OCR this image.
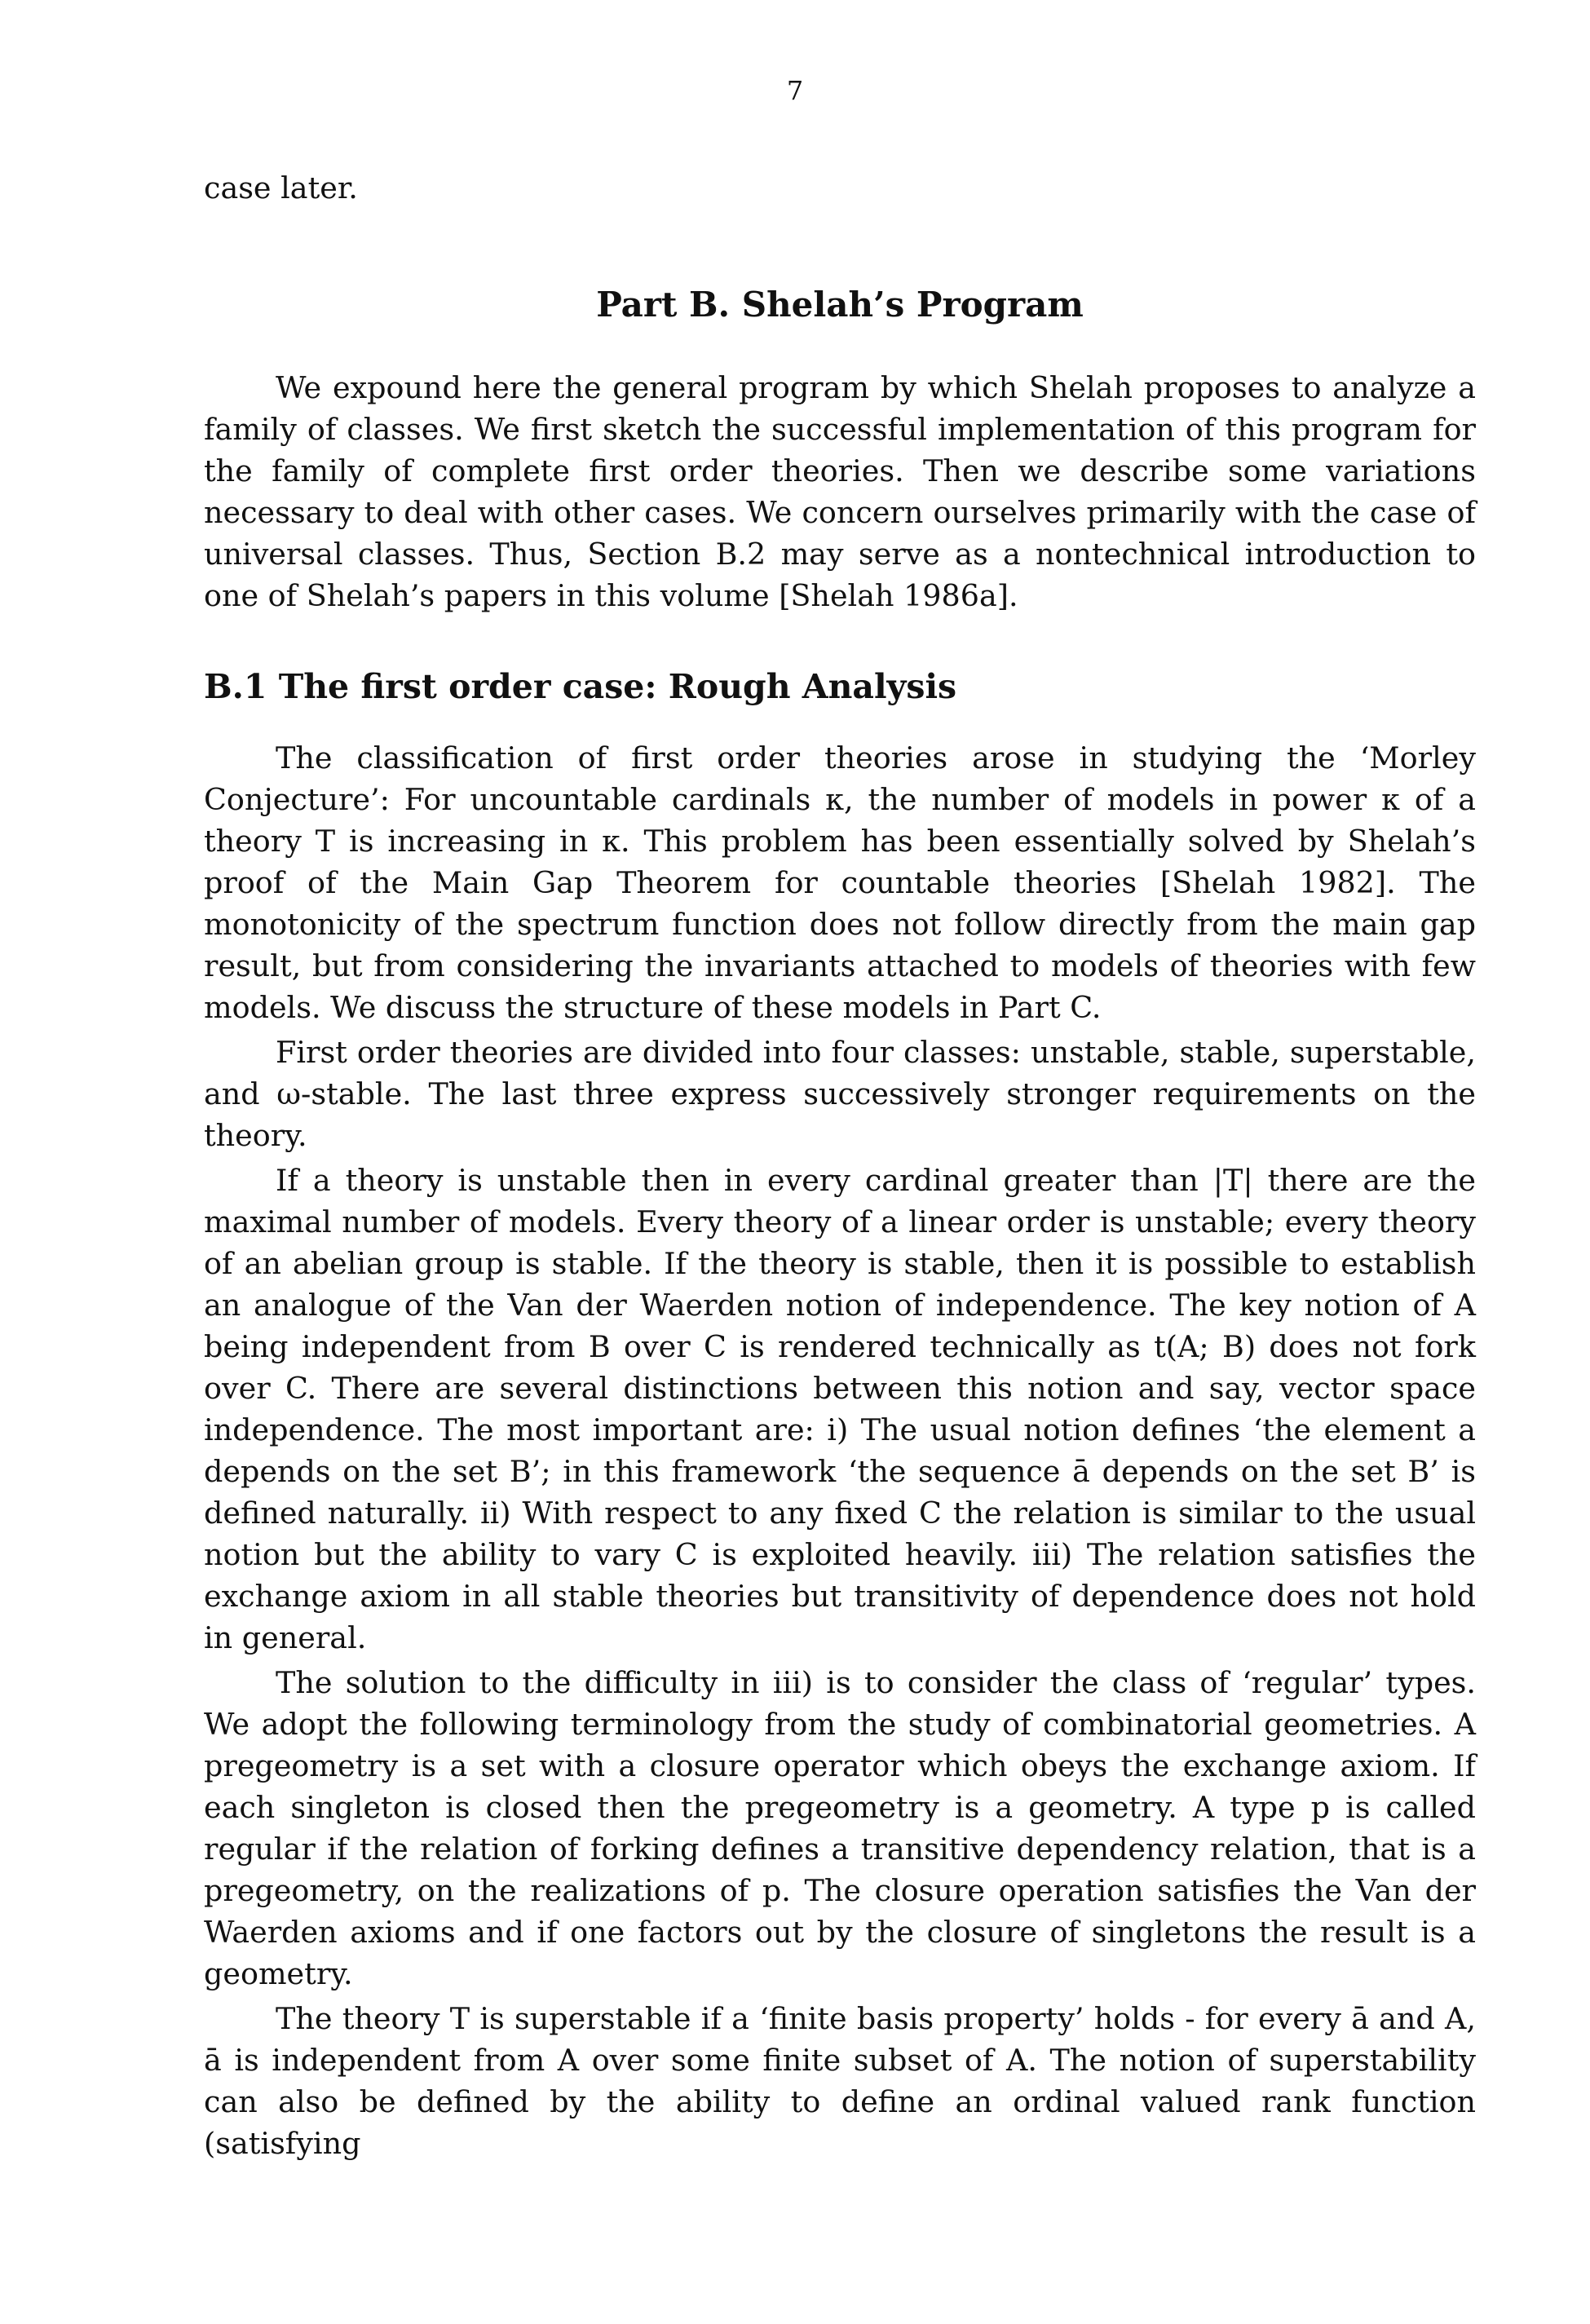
7

case later.

Part B. Shelah’s Program

We expound here the general program by which Shelah proposes to analyze a family of classes. We first sketch the successful implementation of this program for the family of complete first order theories. Then we describe some variations necessary to deal with other cases. We concern ourselves primarily with the case of universal classes. Thus, Section B.2 may serve as a nontechnical introduction to one of Shelah’s papers in this volume [Shelah 1986a].

B.1 The first order case: Rough Analysis

The classification of first order theories arose in studying the ‘Morley Conjecture’: For uncountable cardinals κ, the number of models in power κ of a theory T is increasing in κ. This problem has been essentially solved by Shelah’s proof of the Main Gap Theorem for countable theories [Shelah 1982]. The monotonicity of the spectrum function does not follow directly from the main gap result, but from considering the invariants attached to models of theories with few models. We discuss the structure of these models in Part C.

First order theories are divided into four classes: unstable, stable, superstable, and ω-stable. The last three express successively stronger requirements on the theory.

If a theory is unstable then in every cardinal greater than |T| there are the maximal number of models. Every theory of a linear order is unstable; every theory of an abelian group is stable. If the theory is stable, then it is possible to establish an analogue of the Van der Waerden notion of independence. The key notion of A being independent from B over C is rendered technically as t(A; B) does not fork over C. There are several distinctions between this notion and say, vector space independence. The most important are: i) The usual notion defines ‘the element a depends on the set B’; in this framework ‘the sequence ā depends on the set B’ is defined naturally. ii) With respect to any fixed C the relation is similar to the usual notion but the ability to vary C is exploited heavily. iii) The relation satisfies the exchange axiom in all stable theories but transitivity of dependence does not hold in general.

The solution to the difficulty in iii) is to consider the class of ‘regular’ types. We adopt the following terminology from the study of combinatorial geometries. A pregeometry is a set with a closure operator which obeys the exchange axiom. If each singleton is closed then the pregeometry is a geometry. A type p is called regular if the relation of forking defines a transitive dependency relation, that is a pregeometry, on the realizations of p. The closure operation satisfies the Van der Waerden axioms and if one factors out by the closure of singletons the result is a geometry.

The theory T is superstable if a ‘finite basis property’ holds - for every ā and A, ā is independent from A over some finite subset of A. The notion of superstability can also be defined by the ability to define an ordinal valued rank function (satisfying
